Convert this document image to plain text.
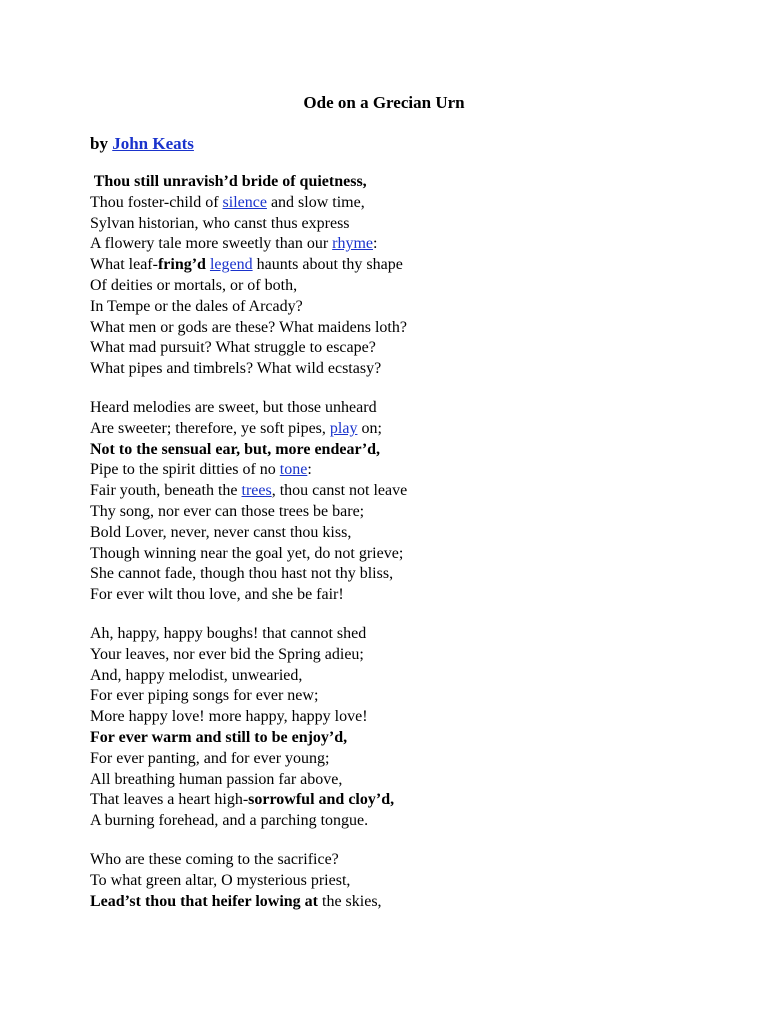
Ode on a Grecian Urn
by John Keats
Thou still unravish’d bride of quietness,
Thou foster-child of silence and slow time,
Sylvan historian, who canst thus express
A flowery tale more sweetly than our rhyme:
What leaf-fring’d legend haunts about thy shape
Of deities or mortals, or of both,
In Tempe or the dales of Arcady?
What men or gods are these? What maidens loth?
What mad pursuit? What struggle to escape?
What pipes and timbrels? What wild ecstasy?
Heard melodies are sweet, but those unheard
Are sweeter; therefore, ye soft pipes, play on;
Not to the sensual ear, but, more endear’d,
Pipe to the spirit ditties of no tone:
Fair youth, beneath the trees, thou canst not leave
Thy song, nor ever can those trees be bare;
Bold Lover, never, never canst thou kiss,
Though winning near the goal yet, do not grieve;
She cannot fade, though thou hast not thy bliss,
For ever wilt thou love, and she be fair!
Ah, happy, happy boughs! that cannot shed
Your leaves, nor ever bid the Spring adieu;
And, happy melodist, unwearied,
For ever piping songs for ever new;
More happy love! more happy, happy love!
For ever warm and still to be enjoy’d,
For ever panting, and for ever young;
All breathing human passion far above,
That leaves a heart high-sorrowful and cloy’d,
A burning forehead, and a parching tongue.
Who are these coming to the sacrifice?
To what green altar, O mysterious priest,
Lead’st thou that heifer lowing at the skies,
